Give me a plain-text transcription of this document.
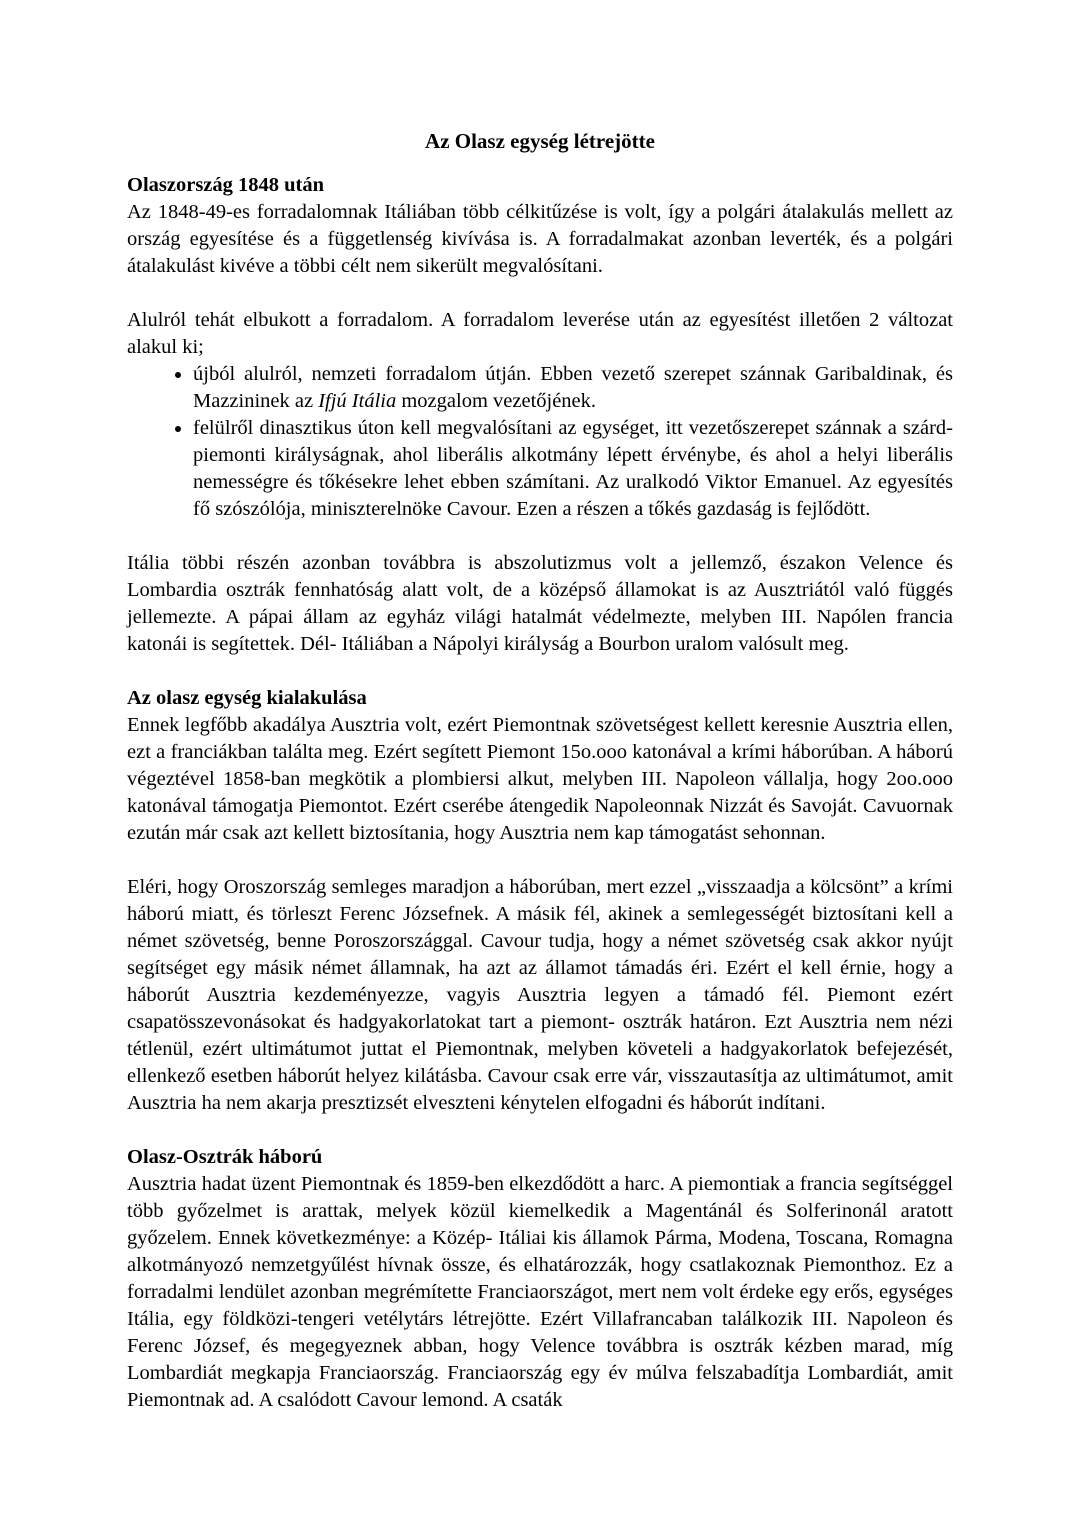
Az Olasz egység létrejötte
Olaszország 1848 után

Az 1848-49-es forradalomnak Itáliában több célkitűzése is volt, így a polgári átalakulás mellett az ország egyesítése és a függetlenség kivívása is. A forradalmakat azonban leverték, és a polgári átalakulást kivéve a többi célt nem sikerült megvalósítani.

Alulról tehát elbukott a forradalom. A forradalom leverése után az egyesítést illetően 2 változat alakul ki;

• újból alulról, nemzeti forradalom útján. Ebben vezető szerepet szánnak Garibaldinak, és Mazzininek az Ifjú Itália mozgalom vezetőjének.
• felülről dinasztikus úton kell megvalósítani az egységet, itt vezetőszerepet szánnak a szárd-piemonti királyságnak, ahol liberális alkotmány lépett érvénybe, és ahol a helyi liberális nemességre és tőkésekre lehet ebben számítani. Az uralkodó Viktor Emanuel. Az egyesítés fő szószólója, miniszterelnöke Cavour. Ezen a részen a tőkés gazdaság is fejlődött.

Itália többi részén azonban továbbra is abszolutizmus volt a jellemző, északon Velence és Lombardia osztrák fennhatóság alatt volt, de a középső államokat is az Ausztriától való függés jellemezte. A pápai állam az egyház világi hatalmát védelmezte, melyben III. Napólen francia katonái is segítettek. Dél- Itáliában a Nápolyi királyság a Bourbon uralom valósult meg.

Az olasz egység kialakulása

Ennek legfőbb akadálya Ausztria volt, ezért Piemontnak szövetségest kellett keresnie Ausztria ellen, ezt a franciákban találta meg. Ezért segített Piemont 15o.ooo katonával a krími háborúban. A háború végeztével 1858-ban megkötik a plombiersi alkut, melyben III. Napoleon vállalja, hogy 2oo.ooo katonával támogatja Piemontot. Ezért cserébe átengedik Napoleonnak Nizzát és Savoját. Cavuornak ezután már csak azt kellett biztosítania, hogy Ausztria nem kap támogatást sehonnan.

Eléri, hogy Oroszország semleges maradjon a háborúban, mert ezzel „visszaadja a kölcsönt” a krími háború miatt, és törleszt Ferenc Józsefnek. A másik fél, akinek a semlegességét biztosítani kell a német szövetség, benne Poroszországgal. Cavour tudja, hogy a német szövetség csak akkor nyújt segítséget egy másik német államnak, ha azt az államot támadás éri. Ezért el kell érnie, hogy a háborút Ausztria kezdeményezze, vagyis Ausztria legyen a támadó fél. Piemont ezért csapatösszevonásokat és hadgyakorlatokat tart a piemont- osztrák határon. Ezt Ausztria nem nézi tétlenül, ezért ultimátumot juttat el Piemontnak, melyben követeli a hadgyakorlatok befejezését, ellenkező esetben háborút helyez kilátásba. Cavour csak erre vár, visszautasítja az ultimátumot, amit Ausztria ha nem akarja presztizsét elveszteni kénytelen elfogadni és háborút indítani.

Olasz-Osztrák háború

Ausztria hadat üzent Piemontnak és 1859-ben elkezdődött a harc. A piemontiak a francia segítséggel több győzelmet is arattak, melyek közül kiemelkedik a Magentánál és Solferinonál aratott győzelem. Ennek következménye: a Közép- Itáliai kis államok Párma, Modena, Toscana, Romagna alkotmányozó nemzetgyűlést hívnak össze, és elhatározzák, hogy csatlakoznak Piemonthoz. Ez a forradalmi lendület azonban megrémítette Franciaországot, mert nem volt érdeke egy erős, egységes Itália, egy földközi-tengeri vetélytárs létrejötte. Ezért Villafrancaban találkozik III. Napoleon és Ferenc József, és megegyeznek abban, hogy Velence továbbra is osztrák kézben marad, míg Lombardiát megkapja Franciaország. Franciaország egy év múlva felszabadítja Lombardiát, amit Piemontnak ad. A csalódott Cavour lemond. A csaták
